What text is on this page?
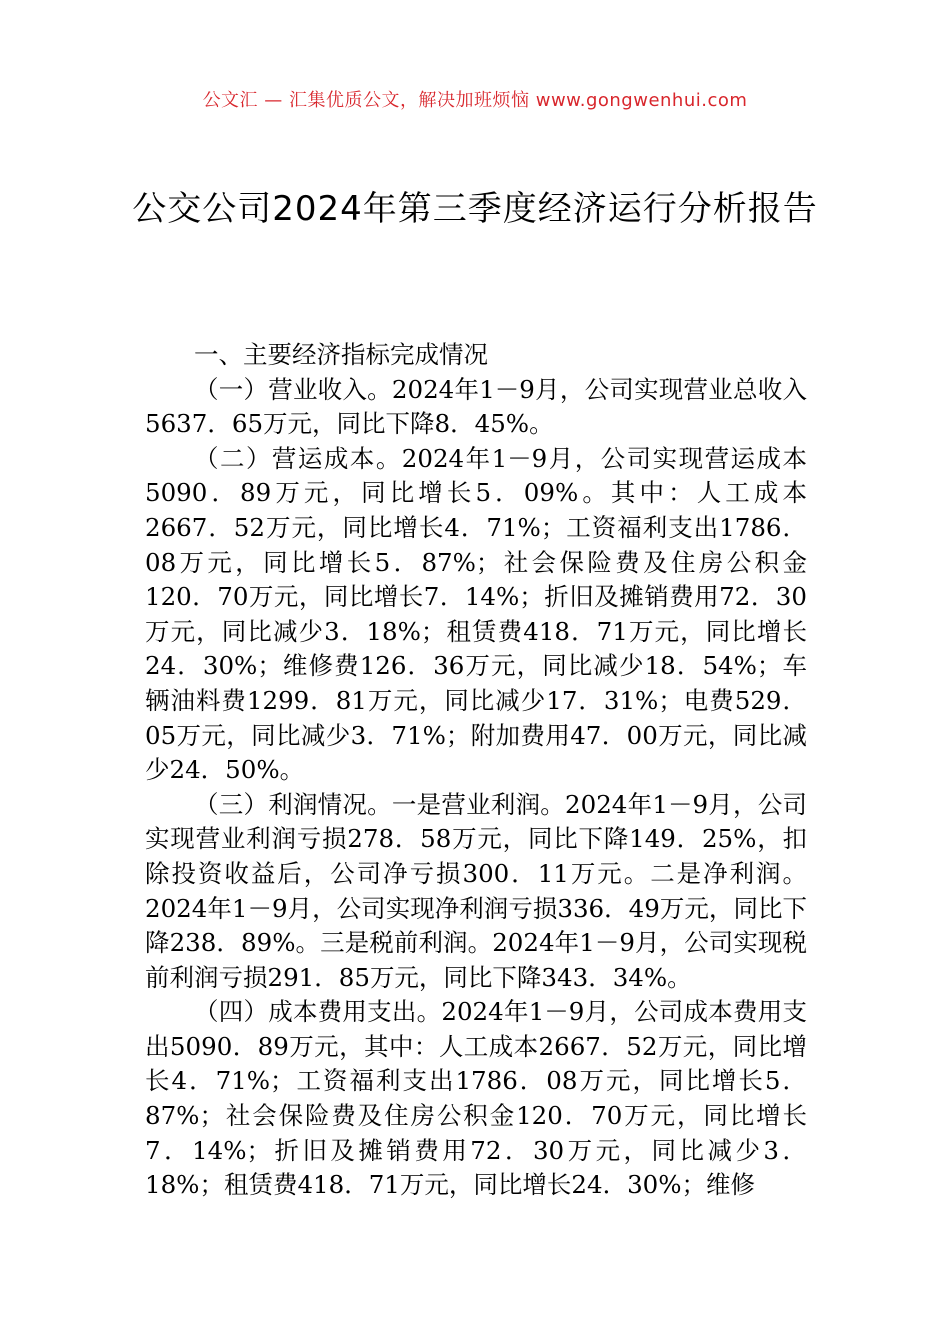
公文汇 — 汇集优质公文，解决加班烦恼 www.gongwenhui.com
公交公司2024年第三季度经济运行分析报告

一、主要经济指标完成情况

（一）营业收入。2024年1－9月，公司实现营业总收入5637．65万元，同比下降8．45%。

（二）营运成本。2024年1－9月，公司实现营运成本5090．89万元，同比增长5．09%。其中：人工成本2667．52万元，同比增长4．71%；工资福利支出1786．08万元，同比增长5．87%；社会保险费及住房公积金120．70万元，同比增长7．14%；折旧及摊销费用72．30万元，同比减少3．18%；租赁费418．71万元，同比增长24．30%；维修费126．36万元，同比减少18．54%；车辆油料费1299．81万元，同比减少17．31%；电费529．05万元，同比减少3．71%；附加费用47．00万元，同比减少24．50%。

（三）利润情况。一是营业利润。2024年1－9月，公司实现营业利润亏损278．58万元，同比下降149．25%，扣除投资收益后，公司净亏损300．11万元。二是净利润。2024年1－9月，公司实现净利润亏损336．49万元，同比下降238．89%。三是税前利润。2024年1－9月，公司实现税前利润亏损291．85万元，同比下降343．34%。

（四）成本费用支出。2024年1－9月，公司成本费用支出5090．89万元，其中：人工成本2667．52万元，同比增长4．71%；工资福利支出1786．08万元，同比增长5．87%；社会保险费及住房公积金120．70万元，同比增长7．14%；折旧及摊销费用72．30万元，同比减少3．18%；租赁费418．71万元，同比增长24．30%；维修
